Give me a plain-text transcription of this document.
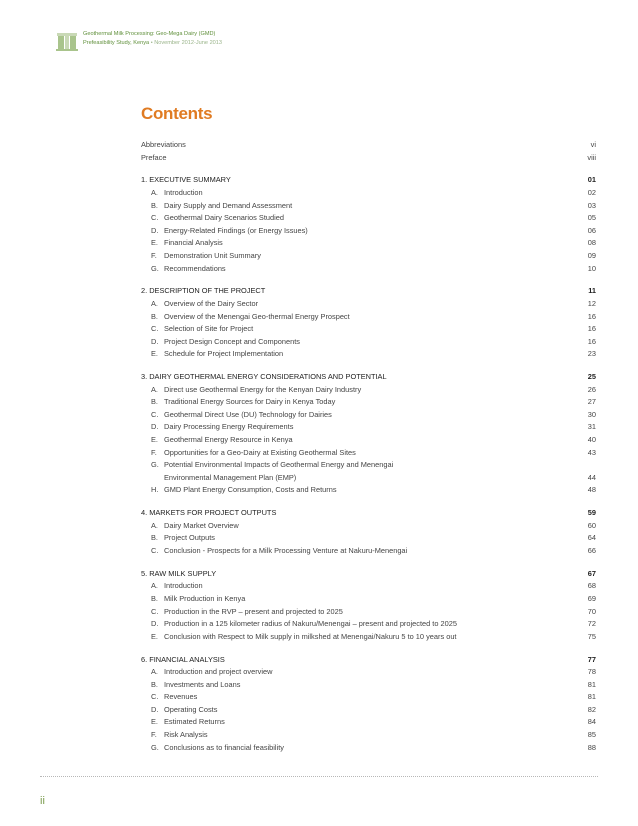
Geothermal Milk Processing: Geo-Mega Dairy (GMD)
Prefeasibility Study, Kenya • November 2012-June 2013
Contents
Abbreviations	vi
Preface	viii
1. EXECUTIVE SUMMARY	01
A. Introduction	02
B. Dairy Supply and Demand Assessment	03
C. Geothermal Dairy Scenarios Studied	05
D. Energy-Related Findings (or Energy Issues)	06
E. Financial Analysis	08
F. Demonstration Unit Summary	09
G. Recommendations	10
2. DESCRIPTION OF THE PROJECT	11
A. Overview of the Dairy Sector	12
B. Overview of the Menengai Geo-thermal Energy Prospect	16
C. Selection of Site for Project	16
D. Project Design Concept and Components	16
E. Schedule for Project Implementation	23
3. DAIRY GEOTHERMAL ENERGY CONSIDERATIONS AND POTENTIAL	25
A. Direct use Geothermal Energy for the Kenyan Dairy Industry	26
B. Traditional Energy Sources for Dairy in Kenya Today	27
C. Geothermal Direct Use (DU) Technology for Dairies	30
D. Dairy Processing Energy Requirements	31
E. Geothermal Energy Resource in Kenya	40
F. Opportunities for a Geo-Dairy at Existing Geothermal Sites	43
G. Potential Environmental Impacts of Geothermal Energy and Menengai
Environmental Management Plan (EMP)	44
H. GMD Plant Energy Consumption, Costs and Returns	48
4. MARKETS FOR PROJECT OUTPUTS	59
A. Dairy Market Overview	60
B. Project Outputs	64
C. Conclusion - Prospects for a Milk Processing Venture at Nakuru-Menengai	66
5. RAW MILK SUPPLY	67
A. Introduction	68
B. Milk Production in Kenya	69
C. Production in the RVP – present and projected to 2025	70
D. Production in a 125 kilometer radius of Nakuru/Menengai – present and projected to 2025	72
E. Conclusion with Respect to Milk supply in milkshed at Menengai/Nakuru 5 to 10 years out	75
6. FINANCIAL ANALYSIS	77
A. Introduction and project overview	78
B. Investments and Loans	81
C. Revenues	81
D. Operating Costs	82
E. Estimated Returns	84
F. Risk Analysis	85
G. Conclusions as to financial feasibility	88
ii
